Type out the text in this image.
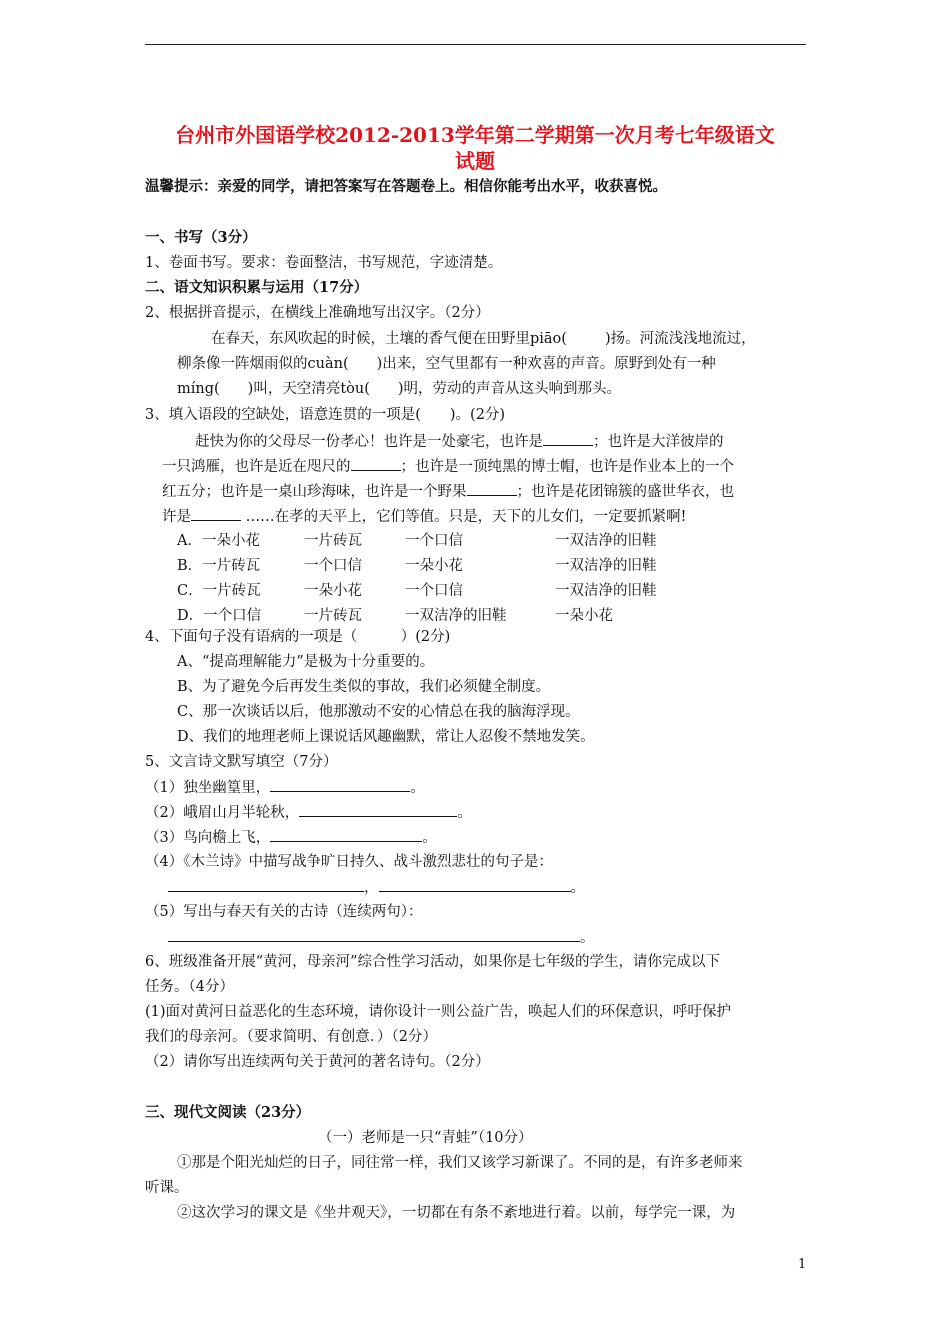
台州市外国语学校2012-2013学年第二学期第一次月考七年级语文
试题
温馨提示：亲爱的同学，请把答案写在答题卷上。相信你能考出水平，收获喜悦。
一、书写（3分）
1、卷面书写。要求：卷面整洁，书写规范，字迹清楚。
二、语文知识积累与运用（17分）
2、根据拼音提示，在横线上准确地写出汉字。（2分）
在春天，东风吹起的时候，土壤的香气便在田野里piāo(	)扬。河流浅浅地流过，
柳条像一阵烟雨似的cuàn( )出来，空气里都有一种欢喜的声音。原野到处有一种
míng( )叫，天空清亮tòu( )明，劳动的声音从这头响到那头。
3、填入语段的空缺处，语意连贯的一项是(　　)。(2分)
赶快为你的父母尽一份孝心！也许是一处豪宅，也许是	；也许是大洋彼岸的
一只鸿雁，也许是近在咫尺的	；也许是一顶纯黑的博士帽，也许是作业本上的一个
红五分；也许是一桌山珍海味，也许是一个野果	；也许是花团锦簇的盛世华衣，也
许是	……在孝的天平上，它们等值。只是，天下的儿女们，一定要抓紧啊!
A．一朵小花	一片砖瓦	一个口信	一双洁净的旧鞋
B．一片砖瓦	一个口信	一朵小花	一双洁净的旧鞋
C．一片砖瓦	一朵小花	一个口信	一双洁净的旧鞋
D．一个口信	一片砖瓦	一双洁净的旧鞋	一朵小花
4、下面句子没有语病的一项是（　　　）(2分)
A、“提高理解能力”是极为十分重要的。
B、为了避免今后再发生类似的事故，我们必须健全制度。
C、那一次谈话以后，他那激动不安的心情总在我的脑海浮现。
D、我们的地理老师上课说话风趣幽默，常让人忍俊不禁地发笑。
5、文言诗文默写填空（7分）
（1）独坐幽篁里，	。
（2）峨眉山月半轮秋，	。
（3）鸟向檐上飞，	。
（4）《木兰诗》中描写战争旷日持久、战斗激烈悲壮的句子是：
，	。
（5）写出与春天有关的古诗（连续两句）：
。
6、班级准备开展“黄河，母亲河”综合性学习活动，如果你是七年级的学生，请你完成以下
任务。（4分）
(1)面对黄河日益恶化的生态环境，请你设计一则公益广告，唤起人们的环保意识，呼吁保护
我们的母亲河。（要求简明、有创意．）（2分）
（2）请你写出连续两句关于黄河的著名诗句。（2分）
三、现代文阅读（23分）
（一）老师是一只“青蛙”（10分）
①那是个阳光灿烂的日子，同往常一样，我们又该学习新课了。不同的是，有许多老师来
听课。
②这次学习的课文是《坐井观天》，一切都在有条不紊地进行着。以前，每学完一课，为
1
